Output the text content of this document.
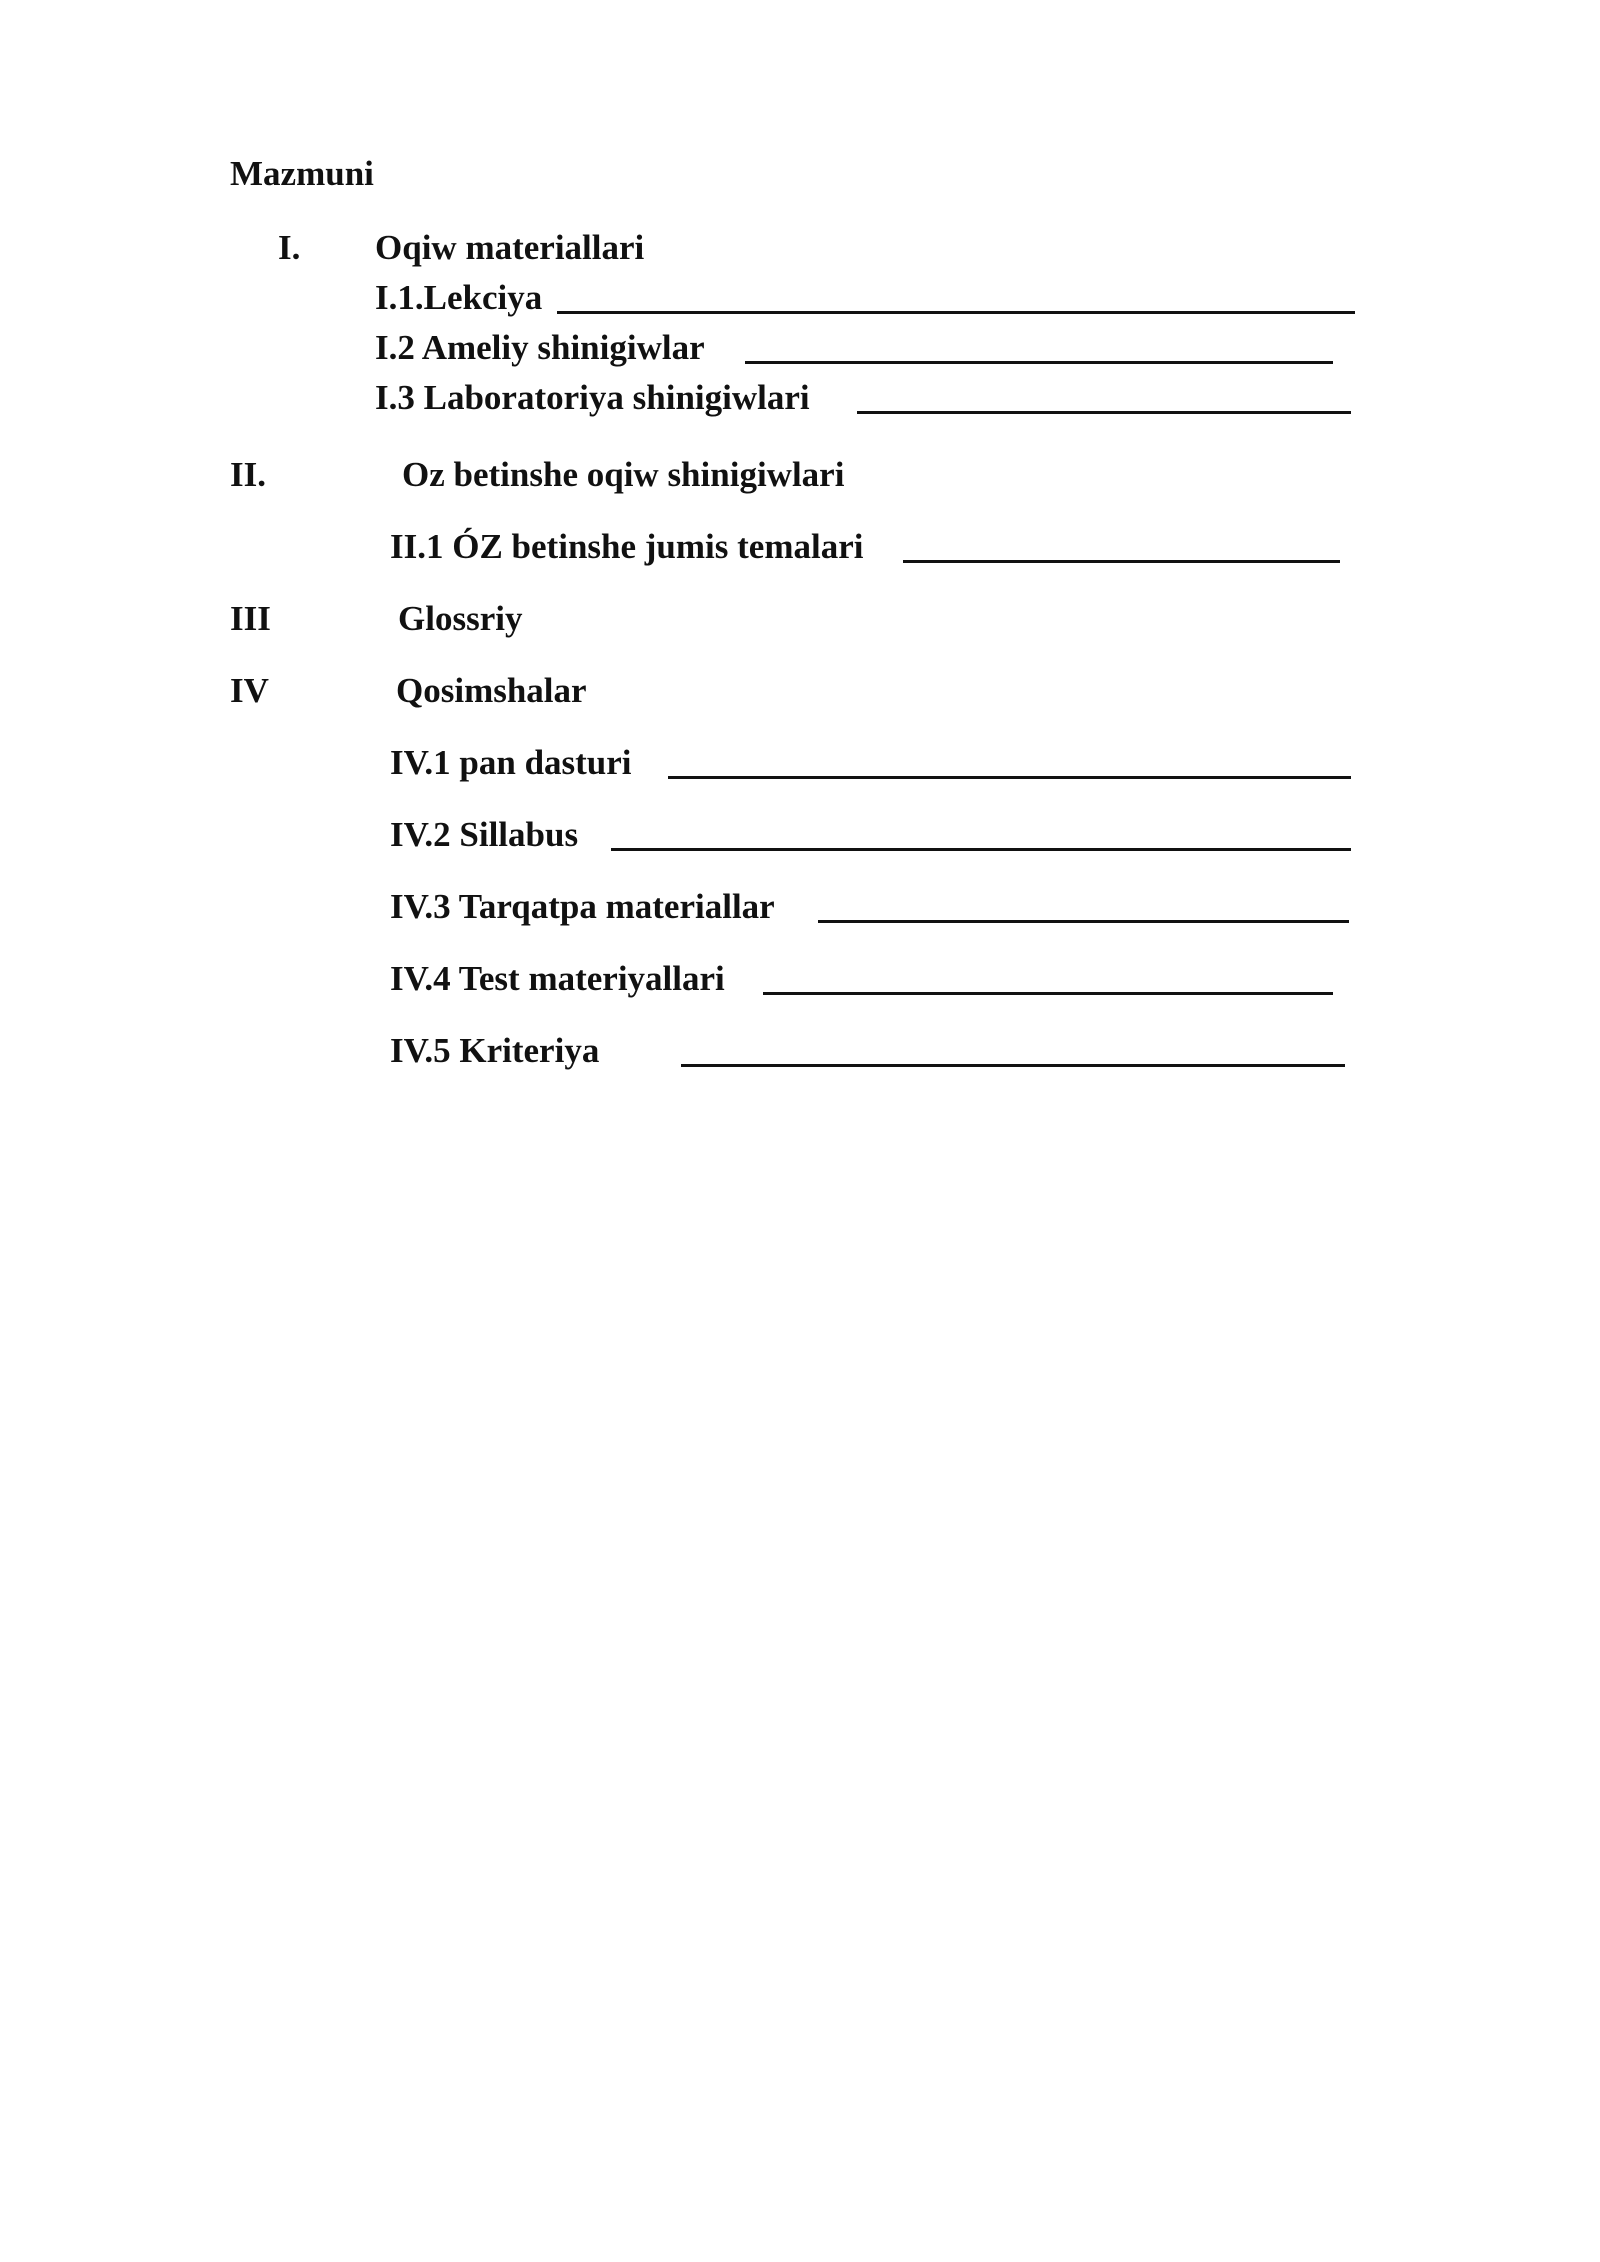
Mazmuni
I. Oqiw materiallari
I.1.Lekciya
I.2 Ameliy shinigiwlar
I.3 Laboratoriya shinigiwlari
II.	Oz betinshe oqiw shinigiwlari
II.1 ÓZ betinshe jumis temalari
III	Glossriy
IV	Qosimshalar
IV.1 pan dasturi
IV.2 Sillabus
IV.3 Tarqatpa materiallar
IV.4 Test materiyallari
IV.5 Kriteriya
